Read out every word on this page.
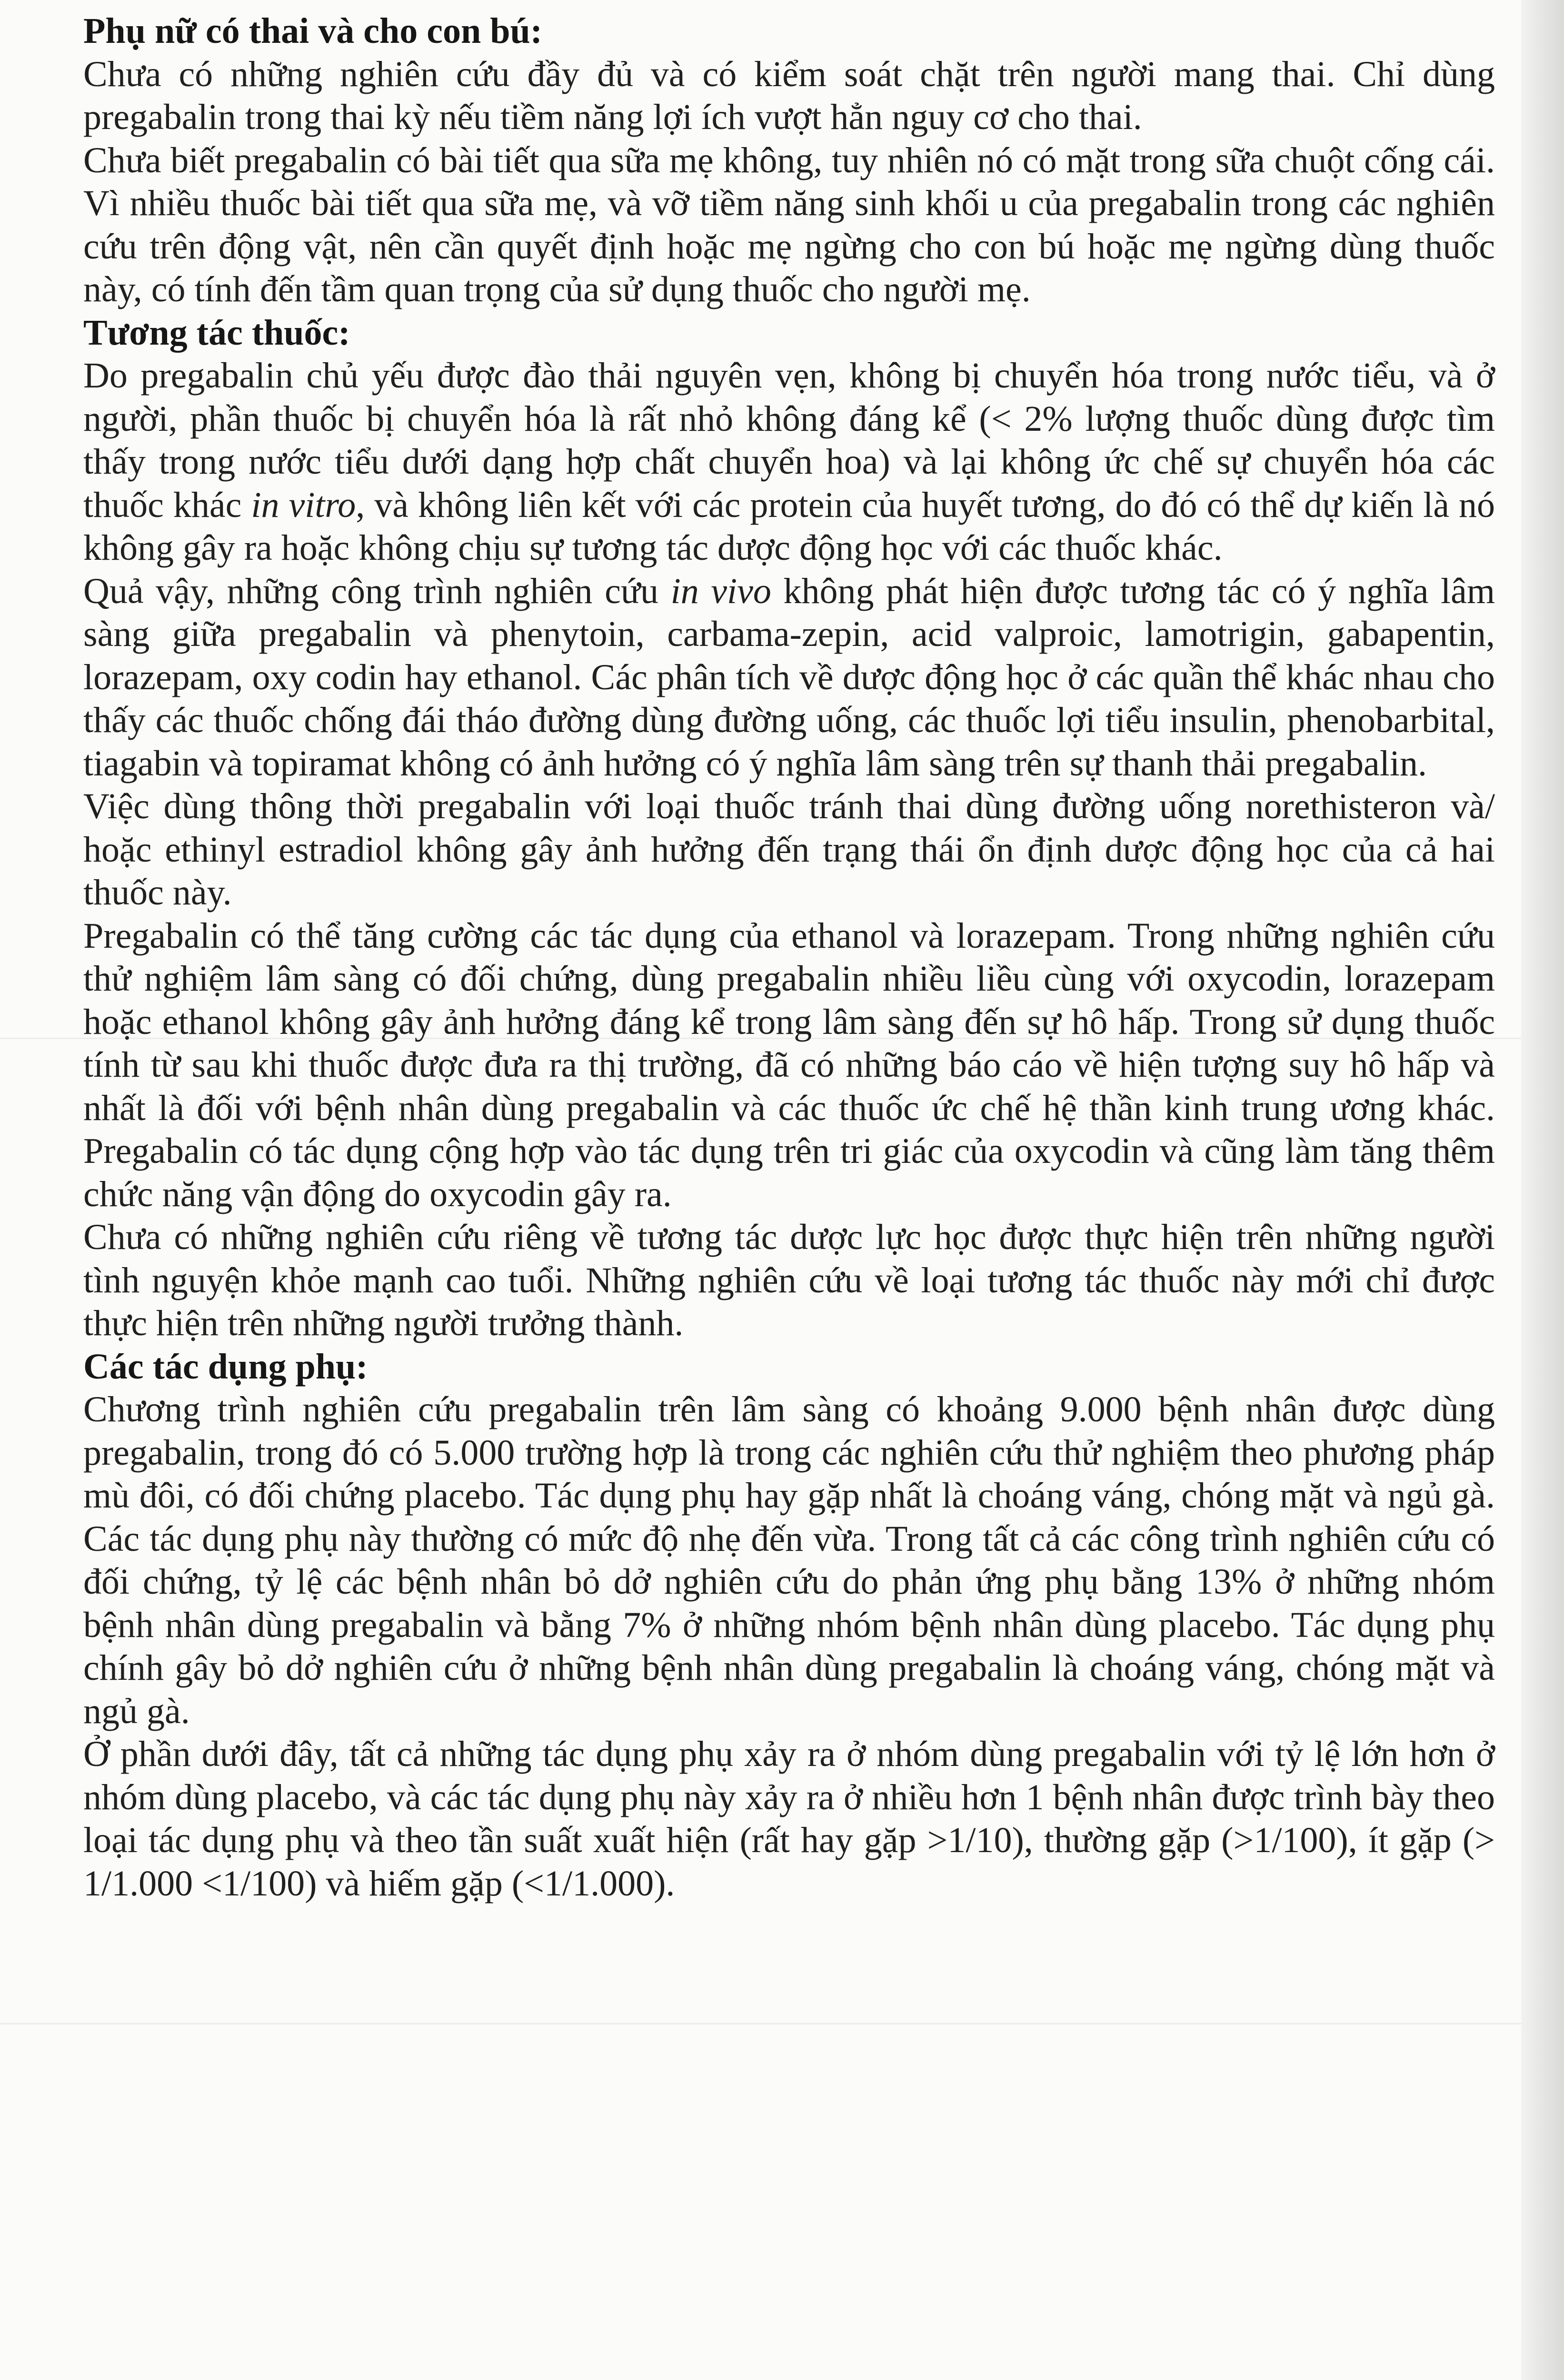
Phụ nữ có thai và cho con bú:

Chưa có những nghiên cứu đầy đủ và có kiểm soát chặt trên người mang thai. Chỉ dùng pregabalin trong thai kỳ nếu tiềm năng lợi ích vượt hẳn nguy cơ cho thai.

Chưa biết pregabalin có bài tiết qua sữa mẹ không, tuy nhiên nó có mặt trong sữa chuột cống cái. Vì nhiều thuốc bài tiết qua sữa mẹ, và vỡ tiềm năng sinh khối u của pregabalin trong các nghiên cứu trên động vật, nên cần quyết định hoặc mẹ ngừng cho con bú hoặc mẹ ngừng dùng thuốc này, có tính đến tầm quan trọng của sử dụng thuốc cho người mẹ.

Tương tác thuốc:

Do pregabalin chủ yếu được đào thải nguyên vẹn, không bị chuyển hóa trong nước tiểu, và ở người, phần thuốc bị chuyển hóa là rất nhỏ không đáng kể (< 2% lượng thuốc dùng được tìm thấy trong nước tiểu dưới dạng hợp chất chuyển hoa) và lại không ức chế sự chuyển hóa các thuốc khác in vitro, và không liên kết với các protein của huyết tương, do đó có thể dự kiến là nó không gây ra hoặc không chịu sự tương tác dược động học với các thuốc khác.

Quả vậy, những công trình nghiên cứu in vivo không phát hiện được tương tác có ý nghĩa lâm sàng giữa pregabalin và phenytoin, carbama-zepin, acid valproic, lamotrigin, gabapentin, lorazepam, oxy codin hay ethanol. Các phân tích về dược động học ở các quần thể khác nhau cho thấy các thuốc chống đái tháo đường dùng đường uống, các thuốc lợi tiểu insulin, phenobarbital, tiagabin và topiramat không có ảnh hưởng có ý nghĩa lâm sàng trên sự thanh thải pregabalin.

Việc dùng thông thời pregabalin với loại thuốc tránh thai dùng đường uống norethisteron và/ hoặc ethinyl estradiol không gây ảnh hưởng đến trạng thái ổn định dược động học của cả hai thuốc này.

Pregabalin có thể tăng cường các tác dụng của ethanol và lorazepam. Trong những nghiên cứu thử nghiệm lâm sàng có đối chứng, dùng pregabalin nhiều liều cùng với oxycodin, lorazepam hoặc ethanol không gây ảnh hưởng đáng kể trong lâm sàng đến sự hô hấp. Trong sử dụng thuốc tính từ sau khi thuốc được đưa ra thị trường, đã có những báo cáo về hiện tượng suy hô hấp và nhất là đối với bệnh nhân dùng pregabalin và các thuốc ức chế hệ thần kinh trung ương khác. Pregabalin có tác dụng cộng hợp vào tác dụng trên tri giác của oxycodin và cũng làm tăng thêm chức năng vận động do oxycodin gây ra.

Chưa có những nghiên cứu riêng về tương tác dược lực học được thực hiện trên những người tình nguyện khỏe mạnh cao tuổi. Những nghiên cứu về loại tương tác thuốc này mới chỉ được thực hiện trên những người trưởng thành.

Các tác dụng phụ:

Chương trình nghiên cứu pregabalin trên lâm sàng có khoảng 9.000 bệnh nhân được dùng pregabalin, trong đó có 5.000 trường hợp là trong các nghiên cứu thử nghiệm theo phương pháp mù đôi, có đối chứng placebo. Tác dụng phụ hay gặp nhất là choáng váng, chóng mặt và ngủ gà. Các tác dụng phụ này thường có mức độ nhẹ đến vừa. Trong tất cả các công trình nghiên cứu có đối chứng, tỷ lệ các bệnh nhân bỏ dở nghiên cứu do phản ứng phụ bằng 13% ở những nhóm bệnh nhân dùng pregabalin và bằng 7% ở những nhóm bệnh nhân dùng placebo. Tác dụng phụ chính gây bỏ dở nghiên cứu ở những bệnh nhân dùng pregabalin là choáng váng, chóng mặt và ngủ gà.

Ở phần dưới đây, tất cả những tác dụng phụ xảy ra ở nhóm dùng pregabalin với tỷ lệ lớn hơn ở nhóm dùng placebo, và các tác dụng phụ này xảy ra ở nhiều hơn 1 bệnh nhân được trình bày theo loại tác dụng phụ và theo tần suất xuất hiện (rất hay gặp >1/10), thường gặp (>1/100), ít gặp (> 1/1.000 <1/100) và hiếm gặp (<1/1.000).
